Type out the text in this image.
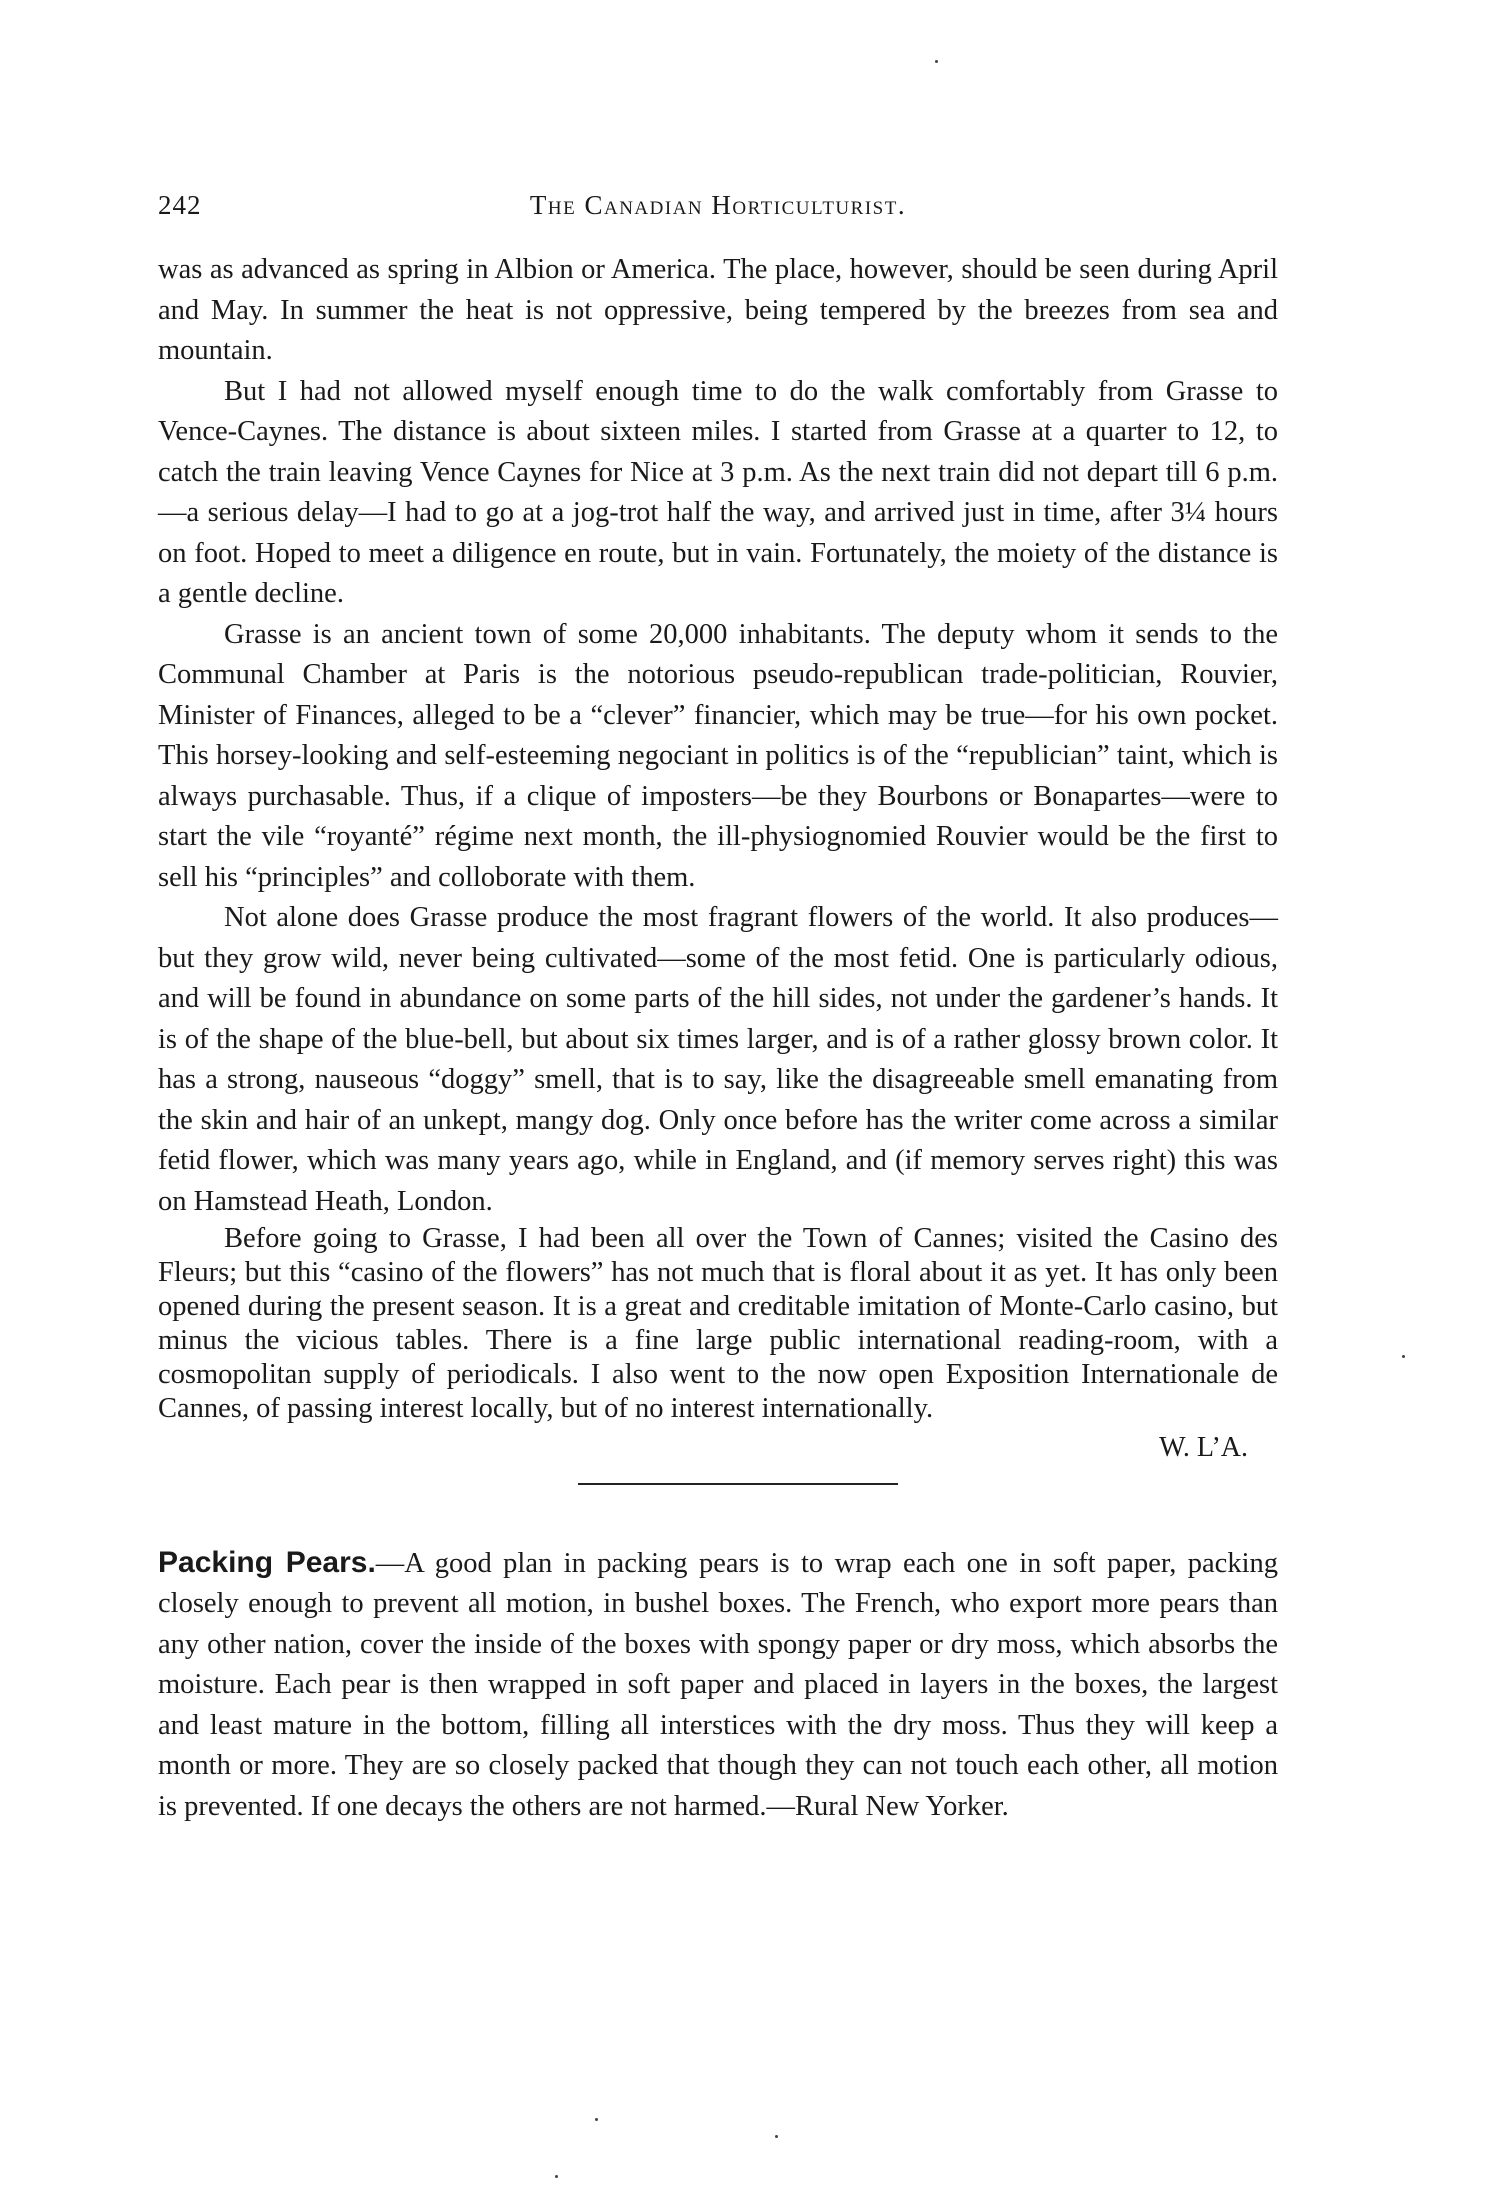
242	The Canadian Horticulturist.

was as advanced as spring in Albion or America. The place, however, should be seen during April and May. In summer the heat is not oppressive, being tempered by the breezes from sea and mountain.

But I had not allowed myself enough time to do the walk comfortably from Grasse to Vence-Caynes. The distance is about sixteen miles. I started from Grasse at a quarter to 12, to catch the train leaving Vence Caynes for Nice at 3 p.m. As the next train did not depart till 6 p.m.—a serious delay—I had to go at a jog-trot half the way, and arrived just in time, after 3¼ hours on foot. Hoped to meet a diligence en route, but in vain. Fortunately, the moiety of the distance is a gentle decline.

Grasse is an ancient town of some 20,000 inhabitants. The deputy whom it sends to the Communal Chamber at Paris is the notorious pseudo-republican trade-politician, Rouvier, Minister of Finances, alleged to be a “clever” financier, which may be true—for his own pocket. This horsey-looking and self-esteeming negociant in politics is of the “republician” taint, which is always purchasable. Thus, if a clique of imposters—be they Bourbons or Bonapartes—were to start the vile “royanté” régime next month, the ill-physiognomied Rouvier would be the first to sell his “principles” and colloborate with them.

Not alone does Grasse produce the most fragrant flowers of the world. It also produces—but they grow wild, never being cultivated—some of the most fetid. One is particularly odious, and will be found in abundance on some parts of the hill sides, not under the gardener’s hands. It is of the shape of the blue-bell, but about six times larger, and is of a rather glossy brown color. It has a strong, nauseous “doggy” smell, that is to say, like the disagreeable smell emanating from the skin and hair of an unkept, mangy dog. Only once before has the writer come across a similar fetid flower, which was many years ago, while in England, and (if memory serves right) this was on Hamstead Heath, London.

Before going to Grasse, I had been all over the Town of Cannes; visited the Casino des Fleurs; but this “casino of the flowers” has not much that is floral about it as yet. It has only been opened during the present season. It is a great and creditable imitation of Monte-Carlo casino, but minus the vicious tables. There is a fine large public international reading-room, with a cosmopolitan supply of periodicals. I also went to the now open Exposition Internationale de Cannes, of passing interest locally, but of no interest internationally.

W. L’A.

Packing Pears.—A good plan in packing pears is to wrap each one in soft paper, packing closely enough to prevent all motion, in bushel boxes. The French, who export more pears than any other nation, cover the inside of the boxes with spongy paper or dry moss, which absorbs the moisture. Each pear is then wrapped in soft paper and placed in layers in the boxes, the largest and least mature in the bottom, filling all interstices with the dry moss. Thus they will keep a month or more. They are so closely packed that though they can not touch each other, all motion is prevented. If one decays the others are not harmed.—Rural New Yorker.
